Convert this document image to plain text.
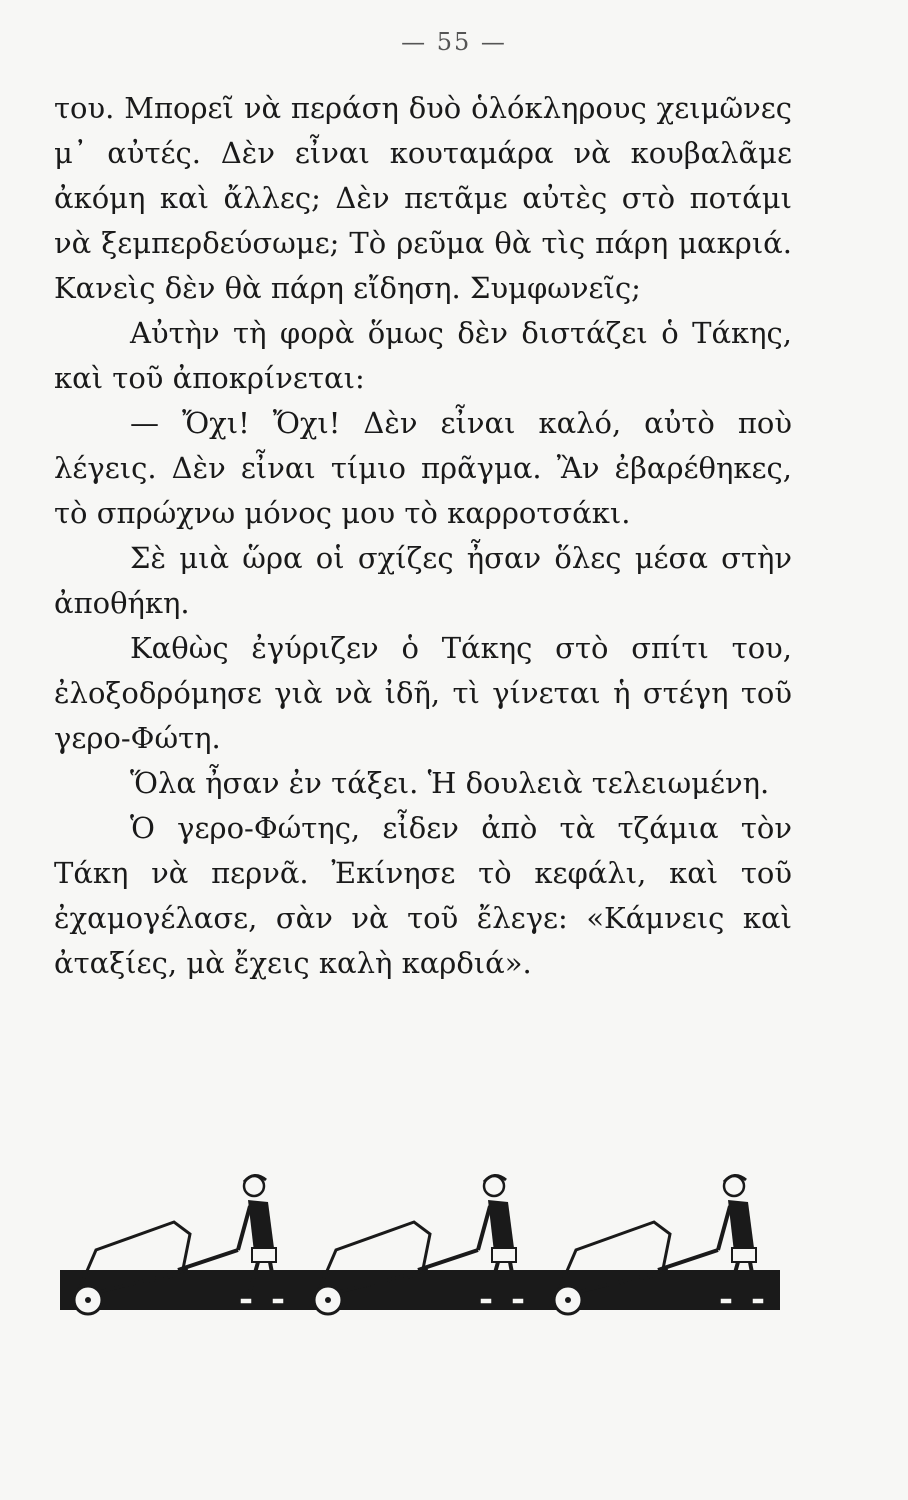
— 55 —

του. Μπορεῖ νὰ περάση δυὸ ὁλόκληρους χειμῶνες μ᾽ αὐτές. Δὲν εἶναι κουταμάρα νὰ κουβαλᾶμε ἀκόμη καὶ ἄλλες; Δὲν πετᾶμε αὐτὲς στὸ ποτάμι νὰ ξεμπερδεύσωμε; Τὸ ρεῦμα θὰ τὶς πάρη μακριά. Κανεὶς δὲν θὰ πάρη εἴδηση. Συμφωνεῖς;

Αὐτὴν τὴ φορὰ ὅμως δὲν διστάζει ὁ Τάκης, καὶ τοῦ ἀποκρίνεται:

— Ὄχι! Ὄχι! Δὲν εἶναι καλό, αὐτὸ ποὺ λέγεις. Δὲν εἶναι τίμιο πρᾶγμα. Ἂν ἐβαρέθηκες, τὸ σπρώχνω μόνος μου τὸ καρροτσάκι.

Σὲ μιὰ ὥρα οἱ σχίζες ἦσαν ὅλες μέσα στὴν ἀποθήκη.

Καθὼς ἐγύριζεν ὁ Τάκης στὸ σπίτι του, ἐλοξοδρόμησε γιὰ νὰ ἰδῆ, τὶ γίνεται ἡ στέγη τοῦ γερο-Φώτη.

Ὅλα ἦσαν ἐν τάξει. Ἡ δουλειὰ τελειωμένη.

Ὁ γερο-Φώτης, εἶδεν ἀπὸ τὰ τζάμια τὸν Τάκη νὰ περνᾶ. Ἐκίνησε τὸ κεφάλι, καὶ τοῦ ἐχαμογέλασε, σὰν νὰ τοῦ ἔλεγε: «Κάμνεις καὶ ἀταξίες, μὰ ἔχεις καλὴ καρδιά».
